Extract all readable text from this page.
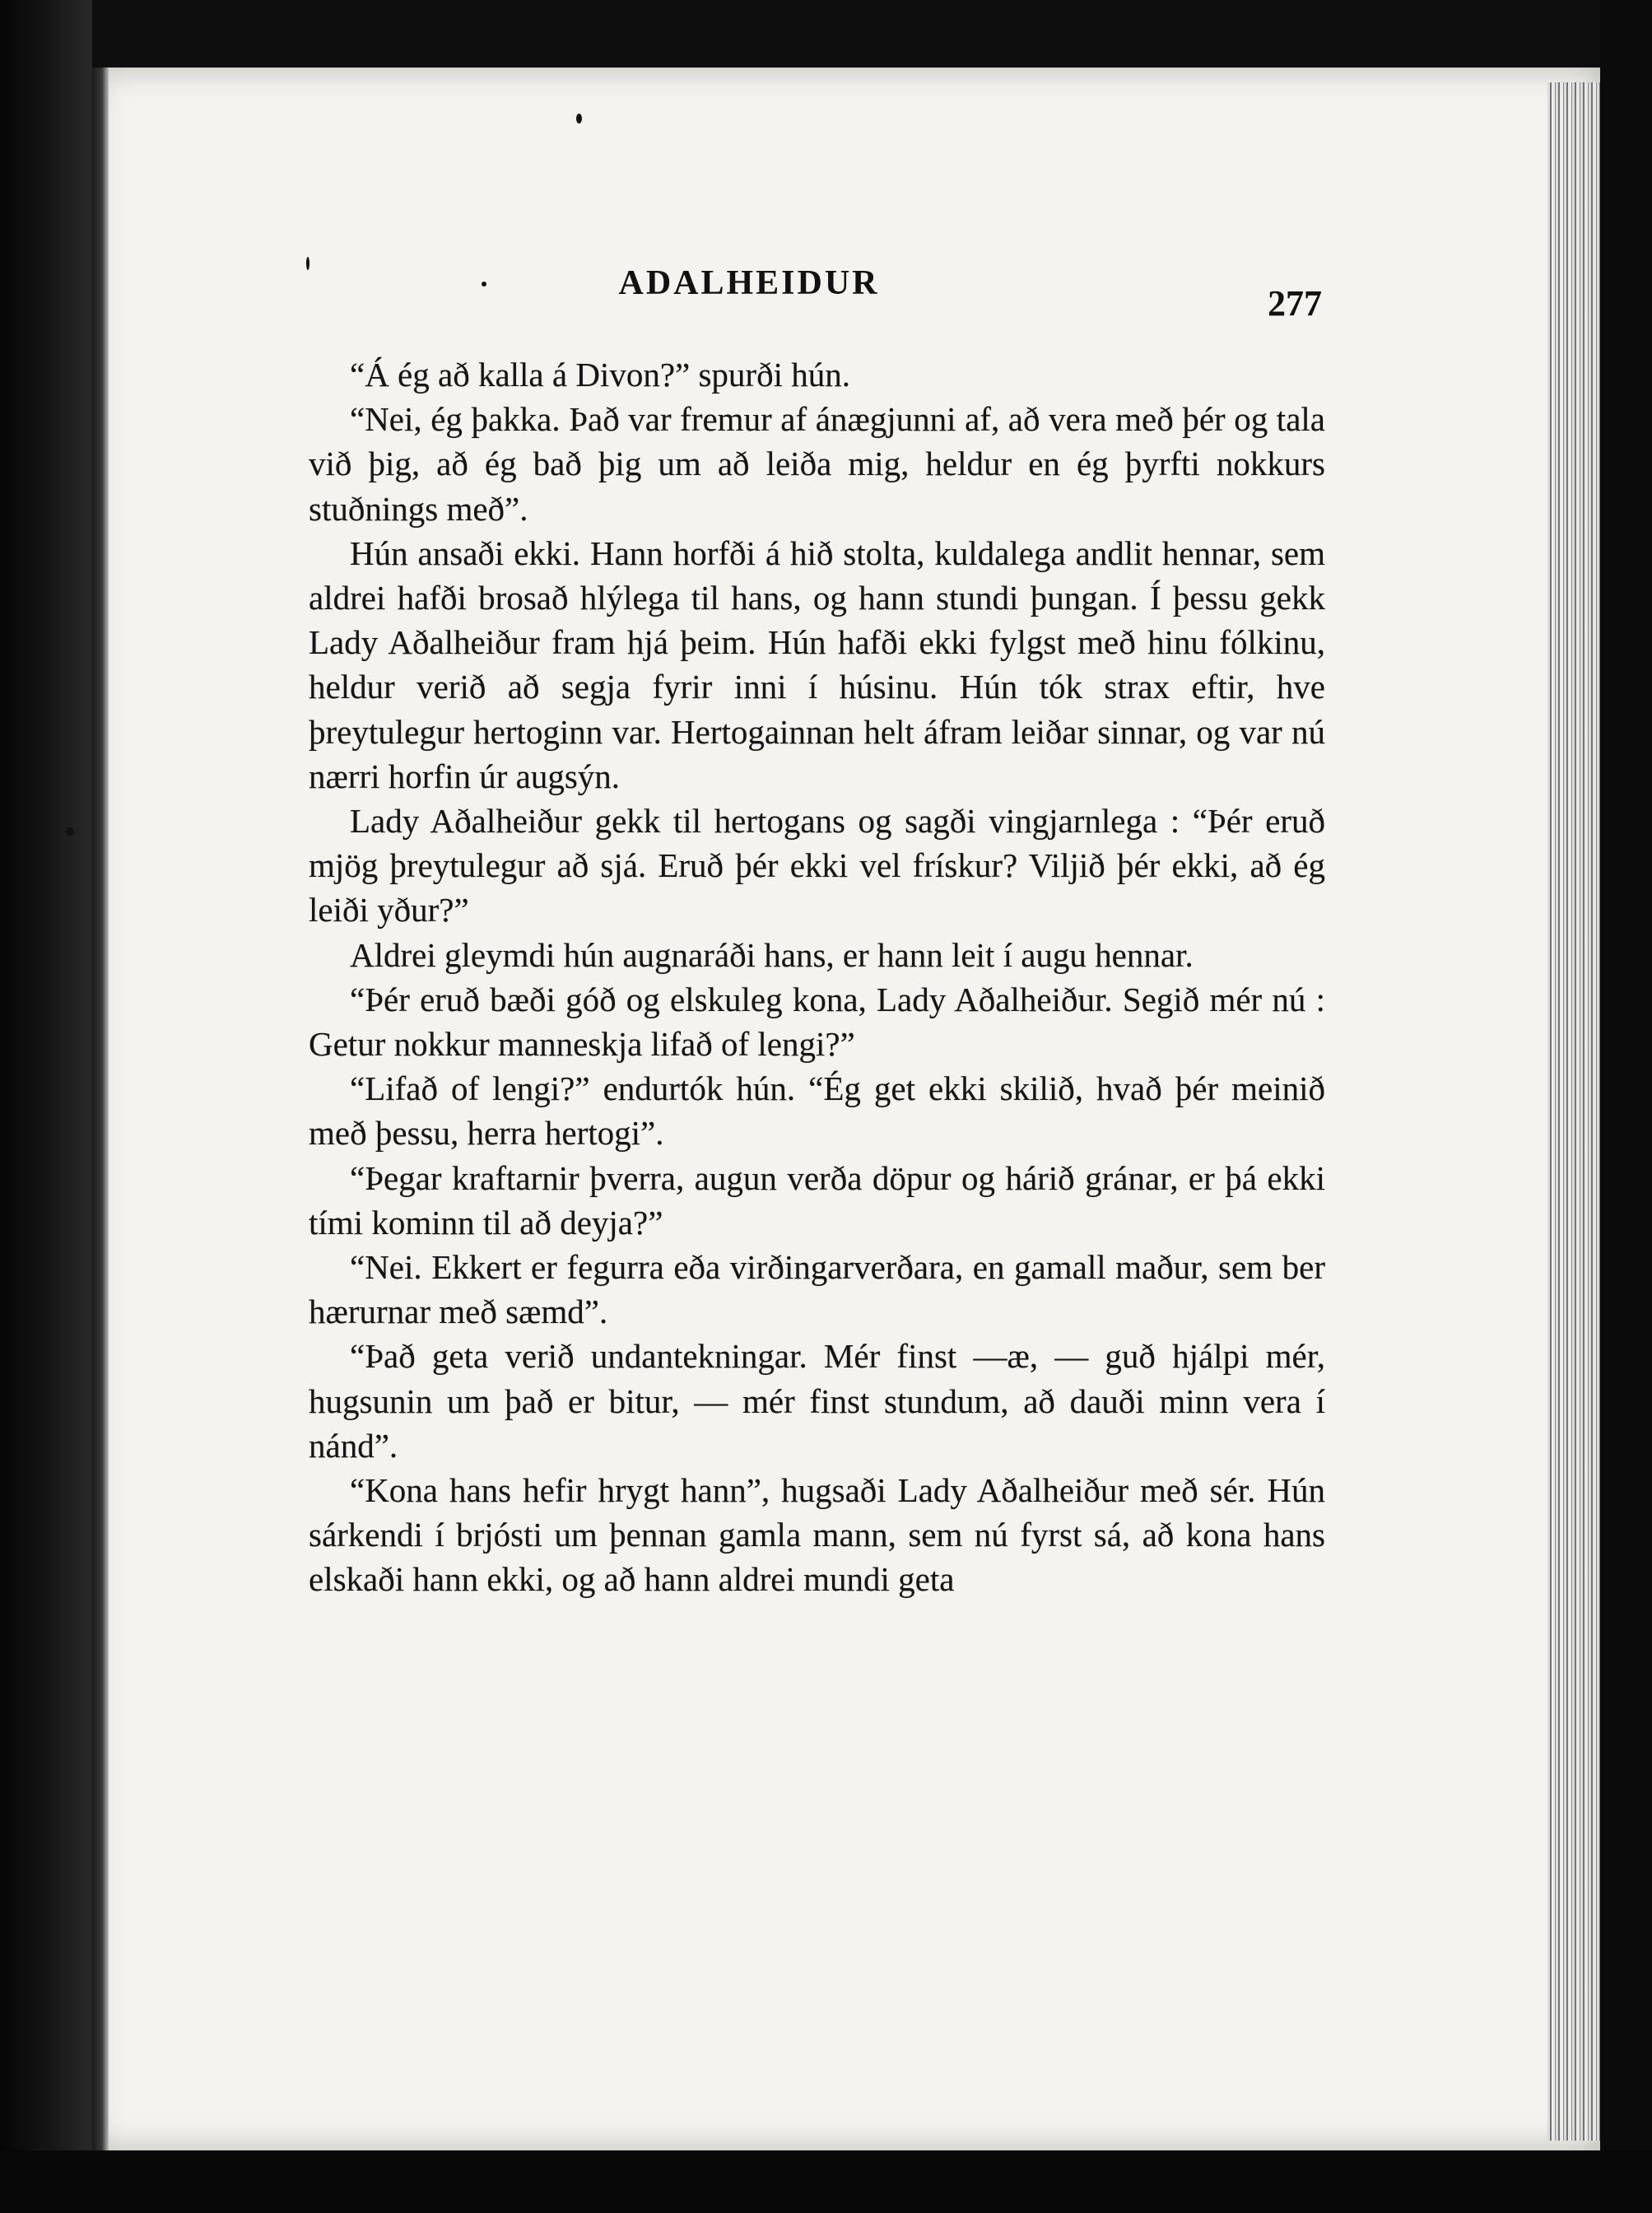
ADALHEIDUR	277

“Á ég að kalla á Divon?” spurði hún.

“Nei, ég þakka. Það var fremur af ánægjunni af, að vera með þér og tala við þig, að ég bað þig um að leiða mig, heldur en ég þyrfti nokkurs stuðnings með”.

Hún ansaði ekki. Hann horfði á hið stolta, kuldalega andlit hennar, sem aldrei hafði brosað hlýlega til hans, og hann stundi þungan. Í þessu gekk Lady Aðalheiður fram hjá þeim. Hún hafði ekki fylgst með hinu fólkinu, heldur verið að segja fyrir inni í húsinu. Hún tók strax eftir, hve þreytulegur hertoginn var. Hertogainnan helt áfram leiðar sinnar, og var nú nærri horfin úr augsýn.

Lady Aðalheiður gekk til hertogans og sagði vingjarnlega : “Þér eruð mjög þreytulegur að sjá. Eruð þér ekki vel frískur? Viljið þér ekki, að ég leiði yður?”

Aldrei gleymdi hún augnaráði hans, er hann leit í augu hennar.

“Þér eruð bæði góð og elskuleg kona, Lady Aðalheiður. Segið mér nú : Getur nokkur manneskja lifað of lengi?”

“Lifað of lengi?” endurtók hún. “Ég get ekki skilið, hvað þér meinið með þessu, herra hertogi”.

“Þegar kraftarnir þverra, augun verða döpur og hárið gránar, er þá ekki tími kominn til að deyja?”

“Nei. Ekkert er fegurra eða virðingarverðara, en gamall maður, sem ber hærurnar með sæmd”.

“Það geta verið undantekningar. Mér finst —æ, — guð hjálpi mér, hugsunin um það er bitur, — mér finst stundum, að dauði minn vera í nánd”.

“Kona hans hefir hrygt hann”, hugsaði Lady Aðalheiður með sér. Hún sárkendi í brjósti um þennan gamla mann, sem nú fyrst sá, að kona hans elskaði hann ekki, og að hann aldrei mundi geta
